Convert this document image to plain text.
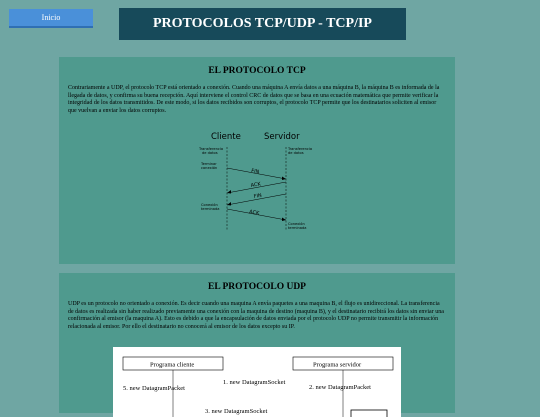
Inicio	PROTOCOLOS TCP/UDP - TCP/IP
EL PROTOCOLO TCP

Contrariamente a UDP, el protocolo TCP está orientado a conexión. Cuando una máquina A envía datos a una máquina B, la máquina B es informada de la llegada de datos, y confirma su buena recepción. Aquí interviene el control CRC de datos que se basa en una ecuación matemática que permite verificar la integridad de los datos transmitidos. De este modo, si los datos recibidos son corruptos, el protocolo TCP permite que los destinatarios soliciten al emisor que vuelvan a enviar los datos corruptos.

Cliente	Servidor
Transferencia
de datos
Transferencia
de datos
Terminar
conexión
FIN
ACK
FIN
Conexión
terminada
ACK
Conexión
terminada
EL PROTOCOLO UDP

UDP es un protocolo no orientado a conexión. Es decir cuando una maquina A envía paquetes a una maquina B, el flujo es unidireccional. La transferencia de datos es realizada sin haber realizado previamente una conexión con la maquina de destino (maquina B), y el destinatario recibirá los datos sin enviar una confirmación al emisor (la maquina A). Esto es debido a que la encapsulación de datos enviada por el protocolo UDP no permite transmitir la información relacionada al emisor. Por ello el destinatario no conocerá al emisor de los datos excepto su IP.

Programa cliente	Programa servidor
1. new DatagramSocket
2. new DatagramPacket
5. new DatagramPacket
3. new DatagramSocket
